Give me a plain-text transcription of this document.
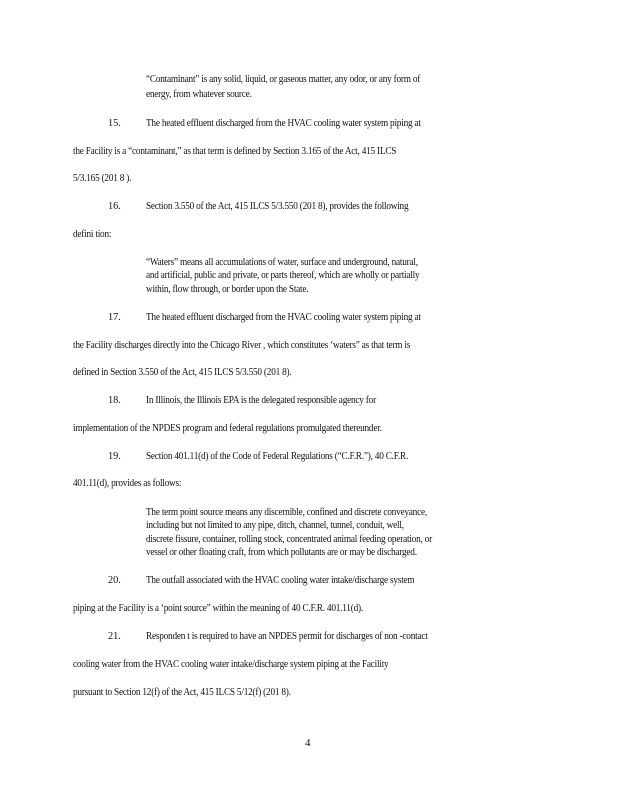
“Contaminant” is any solid, liquid, or gaseous matter, any odor, or any form of

energy, from whatever source.

15. The heated effluent discharged from the HVAC cooling water system piping at

the Facility is a “contaminant,” as that term is defined by Section 3.165 of the Act, 415 ILCS

5/3.165 (201 8 ).

16. Section 3.550 of the Act, 415 ILCS 5/3.550 (201 8), provides the following

defini tion:

“Waters” means all accumulations of water, surface and underground, natural,

and artificial, public and private, or parts thereof, which are wholly or partially

within, flow through, or border upon the State.

17. The heated effluent discharged from the HVAC cooling water system piping at

the Facility discharges directly into the Chicago River , which constitutes ‘waters” as that term is

defined in Section 3.550 of the Act, 415 ILCS 5/3.550 (201 8).

18. In Illinois, the Illinois EPA is the delegated responsible agency for

implementation of the NPDES program and federal regulations promulgated thereunder.

19. Section 401.11(d) of the Code of Federal Regulations (“C.F.R.”), 40 C.F.R.

401.11(d), provides as follows:

The term point source means any discernible, confined and discrete conveyance,

including but not limited to any pipe, ditch, channel, tunnel, conduit, well,

discrete fissure, container, rolling stock, concentrated animal feeding operation, or

vessel or other floating craft, from which pollutants are or may be discharged.

20. The outfall associated with the HVAC cooling water intake/discharge system

piping at the Facility is a ‘point source” within the meaning of 40 C.F.R. 401.11(d).

21. Responden t is required to have an NPDES permit for discharges of non -contact

cooling water from the HVAC cooling water intake/discharge system piping at the Facility

pursuant to Section 12(f) of the Act, 415 ILCS 5/12(f) (201 8).

4
